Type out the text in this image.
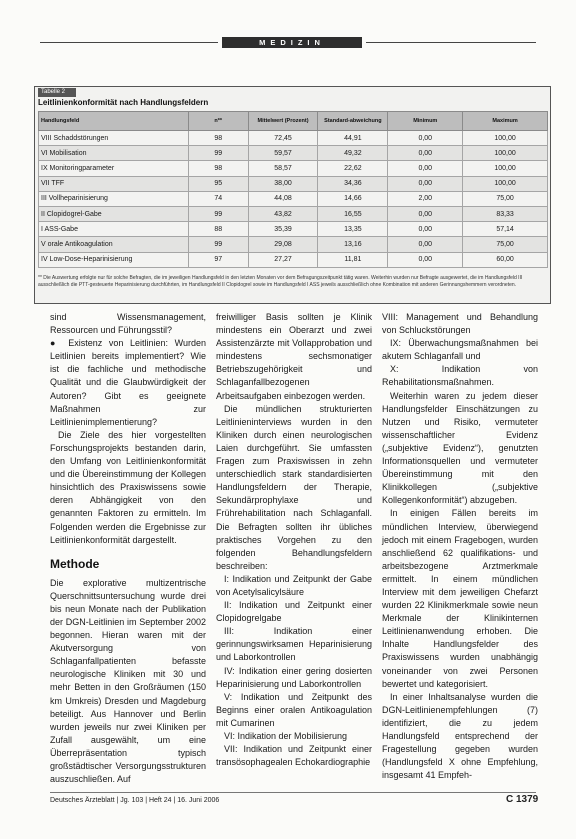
MEDIZIN
Tabelle 2
Leitlinienkonformität nach Handlungsfeldern
Handlungsfeld	n**	Mittelwert (Prozent)	Standard-abweichung	Minimum	Maximum
VIII Schaddstörungen	98	72,45	44,91	0,00	100,00
VI Mobilisation	99	59,57	49,32	0,00	100,00
IX Monitoringparameter	98	58,57	22,62	0,00	100,00
VII TFF	95	38,00	34,36	0,00	100,00
III Vollheparinisierung	74	44,08	14,66	2,00	75,00
II Clopidogrel-Gabe	99	43,82	16,55	0,00	83,33
I ASS-Gabe	88	35,39	13,35	0,00	57,14
V orale Antikoagulation	99	29,08	13,16	0,00	75,00
IV Low-Dose-Heparinisierung	97	27,27	11,81	0,00	60,00
** Die Auswertung erfolgte nur für solche Befragten, die im jeweiligen Handlungsfeld in den letzten Monaten vor dem Befragungszeitpunkt tätig waren. Weiterhin wurden nur Befragte ausgewertet, die im Handlungsfeld III ausschließlich die PTT-gesteuerte Heparinisierung durchführten, im Handlungsfeld II Clopidogrel sowie im Handlungsfeld I ASS jeweils ausschließlich ohne Kombination mit anderen Gerinnungshemmern verordneten.

sind Wissensmanagement, Ressourcen und Führungsstil?

● Existenz von Leitlinien: Wurden Leitlinien bereits implementiert? Wie ist die fachliche und methodische Qualität und die Glaubwürdigkeit der Autoren? Gibt es geeignete Maßnahmen zur Leitlinienimplementierung?

Die Ziele des hier vorgestellten Forschungsprojekts bestanden darin, den Umfang von Leitlinienkonformität und die Übereinstimmung der Kollegen hinsichtlich des Praxiswissens sowie deren Abhängigkeit von den genannten Faktoren zu ermitteln. Im Folgenden werden die Ergebnisse zur Leitlinienkonformität dargestellt.

Methode

Die explorative multizentrische Querschnittsuntersuchung wurde drei bis neun Monate nach der Publikation der DGN-Leitlinien im September 2002 begonnen. Hieran waren mit der Akutversorgung von Schlaganfallpatienten befasste neurologische Kliniken mit 30 und mehr Betten in den Großräumen (150 km Umkreis) Dresden und Magdeburg beteiligt. Aus Hannover und Berlin wurden jeweils nur zwei Kliniken per Zufall ausgewählt, um eine Überrepräsentation typisch großstädtischer Versorgungsstrukturen auszuschließen. Auf

freiwilliger Basis sollten je Klinik mindestens ein Oberarzt und zwei Assistenzärzte mit Vollapprobation und mindestens sechsmonatiger Betriebszugehörigkeit und Schlaganfallbezogenen Arbeitsaufgaben einbezogen werden.

Die mündlichen strukturierten Leitlinieninterviews wurden in den Kliniken durch einen neurologischen Laien durchgeführt. Sie umfassten Fragen zum Praxiswissen in zehn unterschiedlich stark standardisierten Handlungsfeldern der Therapie, Sekundärprophylaxe und Frührehabilitation nach Schlaganfall. Die Befragten sollten ihr übliches praktisches Vorgehen zu den folgenden Behandlungsfeldern beschreiben:

I: Indikation und Zeitpunkt der Gabe von Acetylsalicylsäure

II: Indikation und Zeitpunkt einer Clopidogrelgabe

III: Indikation einer gerinnungswirksamen Heparinisierung und Laborkontrollen

IV: Indikation einer gering dosierten Heparinisierung und Laborkontrollen

V: Indikation und Zeitpunkt des Beginns einer oralen Antikoagulation mit Cumarinen

VI: Indikation der Mobilisierung

VII: Indikation und Zeitpunkt einer transösophagealen Echokardiographie

VIII: Management und Behandlung von Schluckstörungen

IX: Überwachungsmaßnahmen bei akutem Schlaganfall und

X: Indikation von Rehabilitationsmaßnahmen.

Weiterhin waren zu jedem dieser Handlungsfelder Einschätzungen zu Nutzen und Risiko, vermuteter wissenschaftlicher Evidenz („subjektive Evidenz“), genutzten Informationsquellen und vermuteter Übereinstimmung mit den Klinikkollegen („subjektive Kollegenkonformität“) abzugeben.

In einigen Fällen bereits im mündlichen Interview, überwiegend jedoch mit einem Fragebogen, wurden anschließend 62 qualifikations- und arbeitsbezogene Arztmerkmale ermittelt. In einem mündlichen Interview mit dem jeweiligen Chefarzt wurden 22 Klinikmerkmale sowie neun Merkmale der Klinikinternen Leitlinienanwendung erhoben. Die Inhalte Handlungsfelder des Praxiswissens wurden unabhängig voneinander von zwei Personen bewertet und kategorisiert.

In einer Inhaltsanalyse wurden die DGN-Leitlinienempfehlungen (7) identifiziert, die zu jedem Handlungsfeld entsprechend der Fragestellung gegeben wurden (Handlungsfeld X ohne Empfehlung, insgesamt 41 Empfeh-

Deutsches Ärzteblatt | Jg. 103 | Heft 24 | 16. Juni 2006	C 1379
